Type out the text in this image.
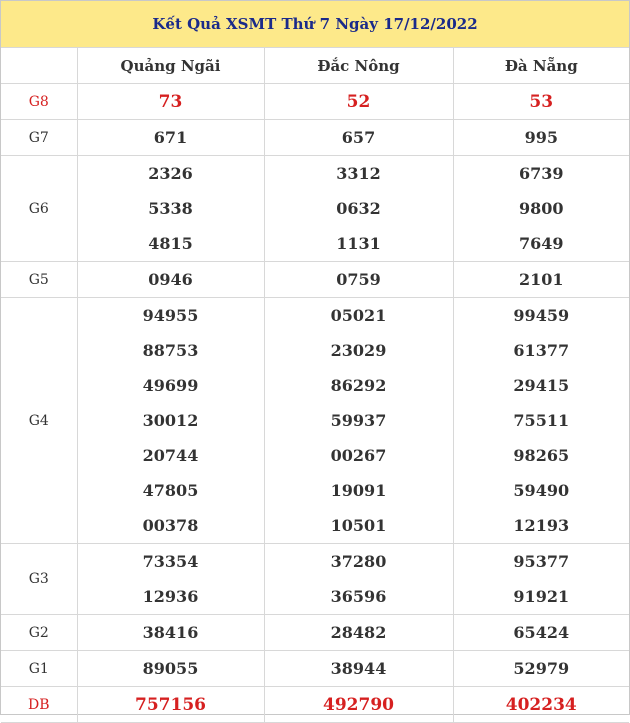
Kết Quả XSMT Thứ 7 Ngày 17/12/2022			
	Quảng Ngãi	Đắc Nông	Đà Nẵng
G8	73	52	53
G7	671	657	995
G6	2326	3312	6739
	5338	0632	9800
	4815	1131	7649
G5	0946	0759	2101
G4	94955	05021	99459
	88753	23029	61377
	49699	86292	29415
	30012	59937	75511
	20744	00267	98265
	47805	19091	59490
	00378	10501	12193
G3	73354	37280	95377
	12936	36596	91921
G2	38416	28482	65424
G1	89055	38944	52979
DB	757156	492790	402234
